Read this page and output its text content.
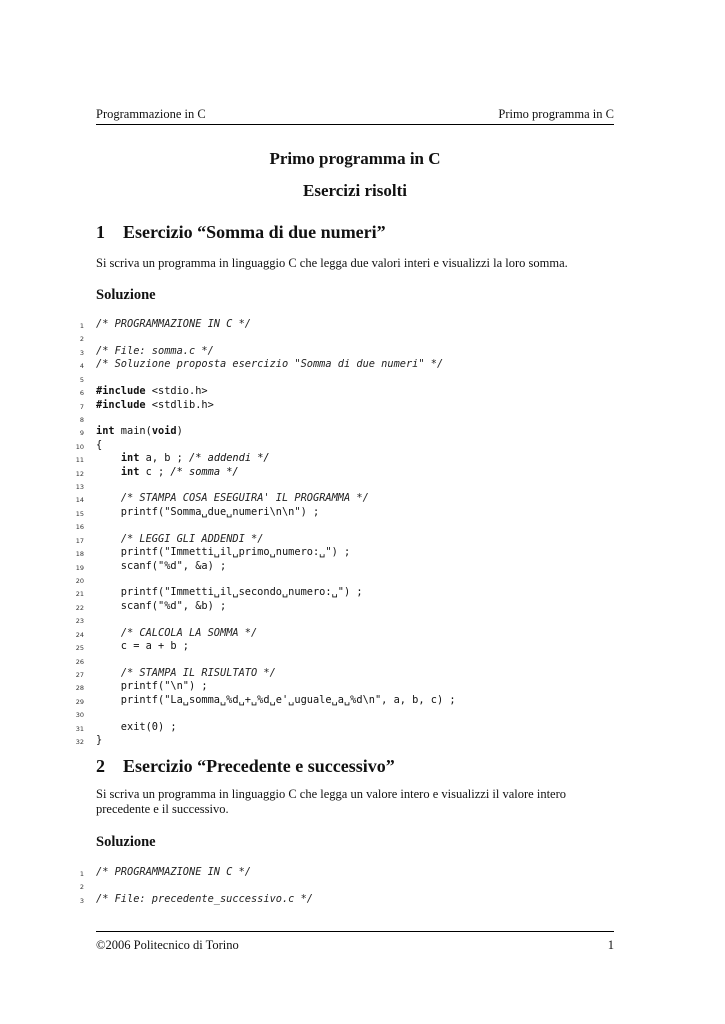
Programmazione in C	Primo programma in C
Primo programma in C
Esercizi risolti
1 Esercizio “Somma di due numeri”
Si scriva un programma in linguaggio C che legga due valori interi e visualizzi la loro somma.
Soluzione
1 /* PROGRAMMAZIONE IN C */
2
3 /* File: somma.c */
4 /* Soluzione proposta esercizio "Somma di due numeri" */
5
6 #include <stdio.h>
7 #include <stdlib.h>
8
9 int main(void)
10 {
11	int a, b ; /* addendi */
12	int c ; /* somma */
13
14	/* STAMPA COSA ESEGUIRA' IL PROGRAMMA */
15 printf("Somma␣due␣numeri\n\n") ;
16
17	/* LEGGI GLI ADDENDI */
18 printf("Immetti␣il␣primo␣numero:␣") ;
19 scanf("%d", &a) ;
20
21 printf("Immetti␣il␣secondo␣numero:␣") ;
22 scanf("%d", &b) ;
23
24	/* CALCOLA LA SOMMA */
25 c = a + b ;
26
27	/* STAMPA IL RISULTATO */
28 printf("\n") ;
29 printf("La␣somma␣%d␣+␣%d␣e'␣uguale␣a␣%d\n", a, b, c) ;
30
31 exit(0) ;
32 }
2 Esercizio “Precedente e successivo”
Si scriva un programma in linguaggio C che legga un valore intero e visualizzi il valore intero precedente e il successivo.
Soluzione
1 /* PROGRAMMAZIONE IN C */
2
3 /* File: precedente_successivo.c */
©2006 Politecnico di Torino	1
